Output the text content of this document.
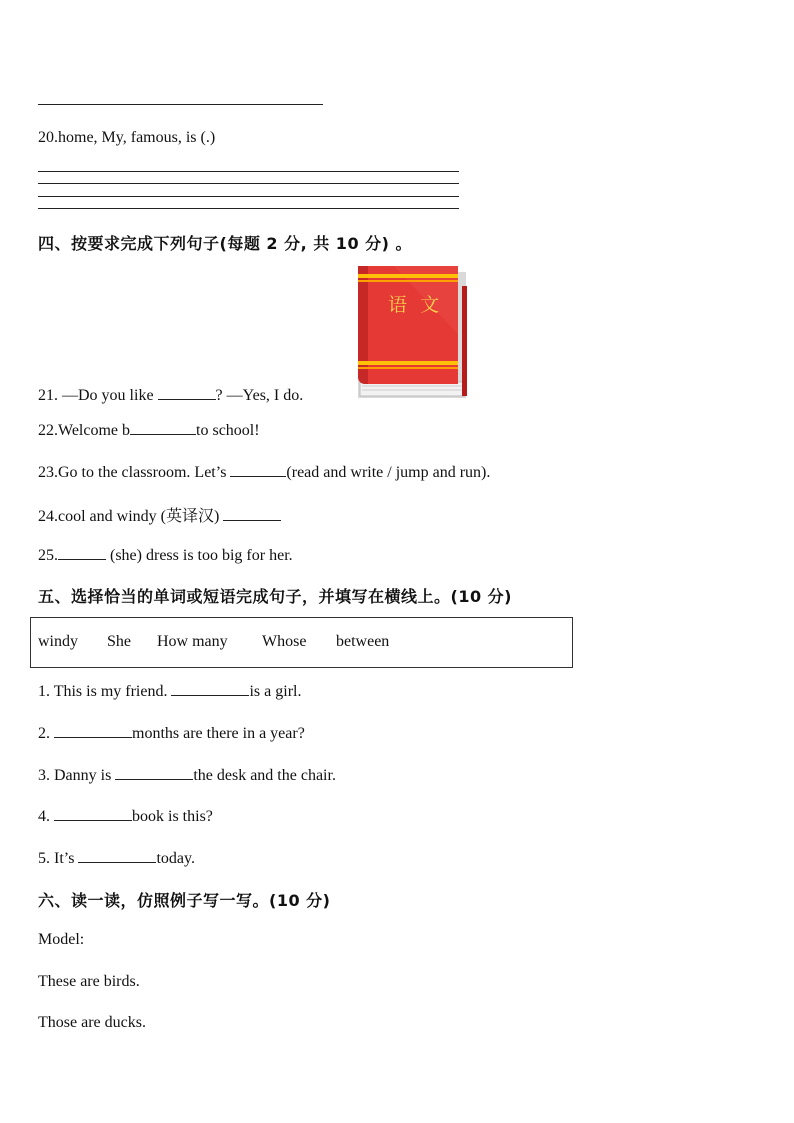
20.home, My, famous, is (.)
四、按要求完成下列句子(每题 2 分, 共 10 分) 。
语 文
21. —Do you like	? —Yes, I do.
22.Welcome b	to school!
23.Go to the classroom. Let’s	(read and write / jump and run).
24.cool and windy (英译汉)
25.	(she) dress is too big for her.
五、选择恰当的单词或短语完成句子，并填写在横线上。(10 分)
windy She How many Whose between
1. This is my friend.	is a girl.
2.	months are there in a year?
3. Danny is	the desk and the chair.
4.	book is this?
5. It’s	today.
六、读一读，仿照例子写一写。(10 分)
Model:
These are birds.
Those are ducks.
